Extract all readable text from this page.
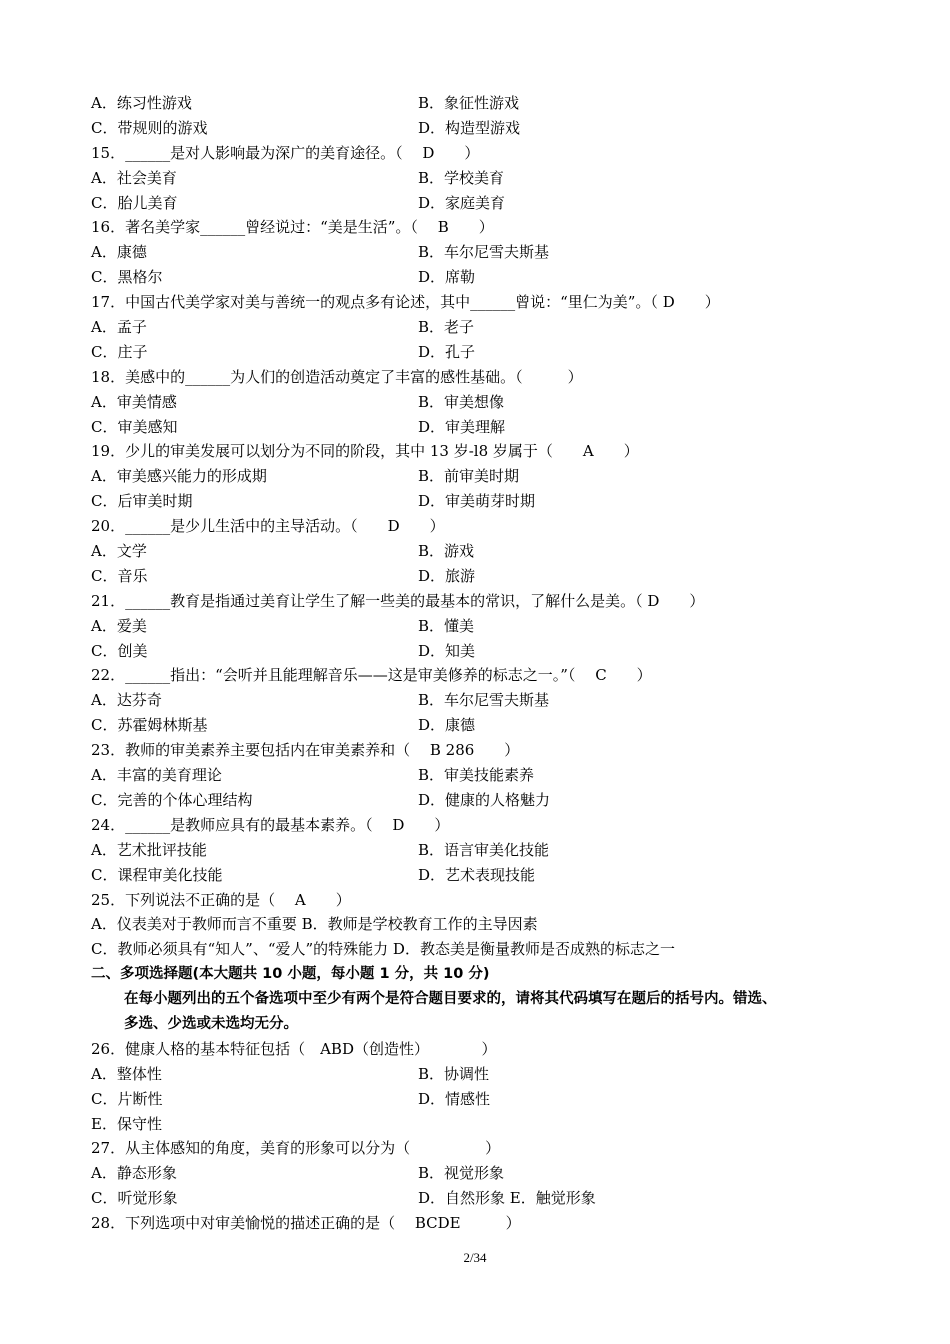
A．练习性游戏	B．象征性游戏
C．带规则的游戏	D．构造型游戏
15．______是对人影响最为深广的美育途径。（　 D　　）
A．社会美育	B．学校美育
C．胎儿美育	D．家庭美育
16．著名美学家______曾经说过：“美是生活”。（　 B　　）
A．康德	B．车尔尼雪夫斯基
C．黑格尔	D．席勒
17．中国古代美学家对美与善统一的观点多有论述，其中______曾说：“里仁为美”。（ D　　）
A．孟子	B．老子
C．庄子	D．孔子
18．美感中的______为人们的创造活动奠定了丰富的感性基础。（　　　）
A．审美情感	B．审美想像
C．审美感知	D．审美理解
19．少儿的审美发展可以划分为不同的阶段，其中 13 岁-l8 岁属于（　　A　　）
A．审美感兴能力的形成期	B．前审美时期
C．后审美时期	D．审美萌芽时期
20．______是少儿生活中的主导活动。（　　D　　）
A．文学	B．游戏
C．音乐	D．旅游
21．______教育是指通过美育让学生了解一些美的最基本的常识，了解什么是美。（ D　　）
A．爱美	B．懂美
C．创美	D．知美
22．______指出：“会听并且能理解音乐——这是审美修养的标志之一。”（　 C　　）
A．达芬奇	B．车尔尼雪夫斯基
C．苏霍姆林斯基	D．康德
23．教师的审美素养主要包括内在审美素养和（　 B 286　　）
A．丰富的美育理论	B．审美技能素养
C．完善的个体心理结构	D．健康的人格魅力
24．______是教师应具有的最基本素养。（　 D　　）
A．艺术批评技能	B．语言审美化技能
C．课程审美化技能	D．艺术表现技能
25．下列说法不正确的是（　 A　　）
A．仪表美对于教师而言不重要 B．教师是学校教育工作的主导因素
C．教师必须具有“知人”、“爱人”的特殊能力 D．教态美是衡量教师是否成熟的标志之一
二、多项选择题(本大题共 10 小题，每小题 1 分，共 10 分)
在每小题列出的五个备选项中至少有两个是符合题目要求的，请将其代码填写在题后的括号内。错选、
多选、少选或未选均无分。
26．健康人格的基本特征包括（　ABD（创造性）　　　　）
A．整体性	B．协调性
C．片断性	D．情感性
E．保守性
27．从主体感知的角度，美育的形象可以分为（　　　　　）
A．静态形象	B．视觉形象
C．听觉形象	D．自然形象 E．触觉形象
28．下列选项中对审美愉悦的描述正确的是（　 BCDE　　　）
2/34
